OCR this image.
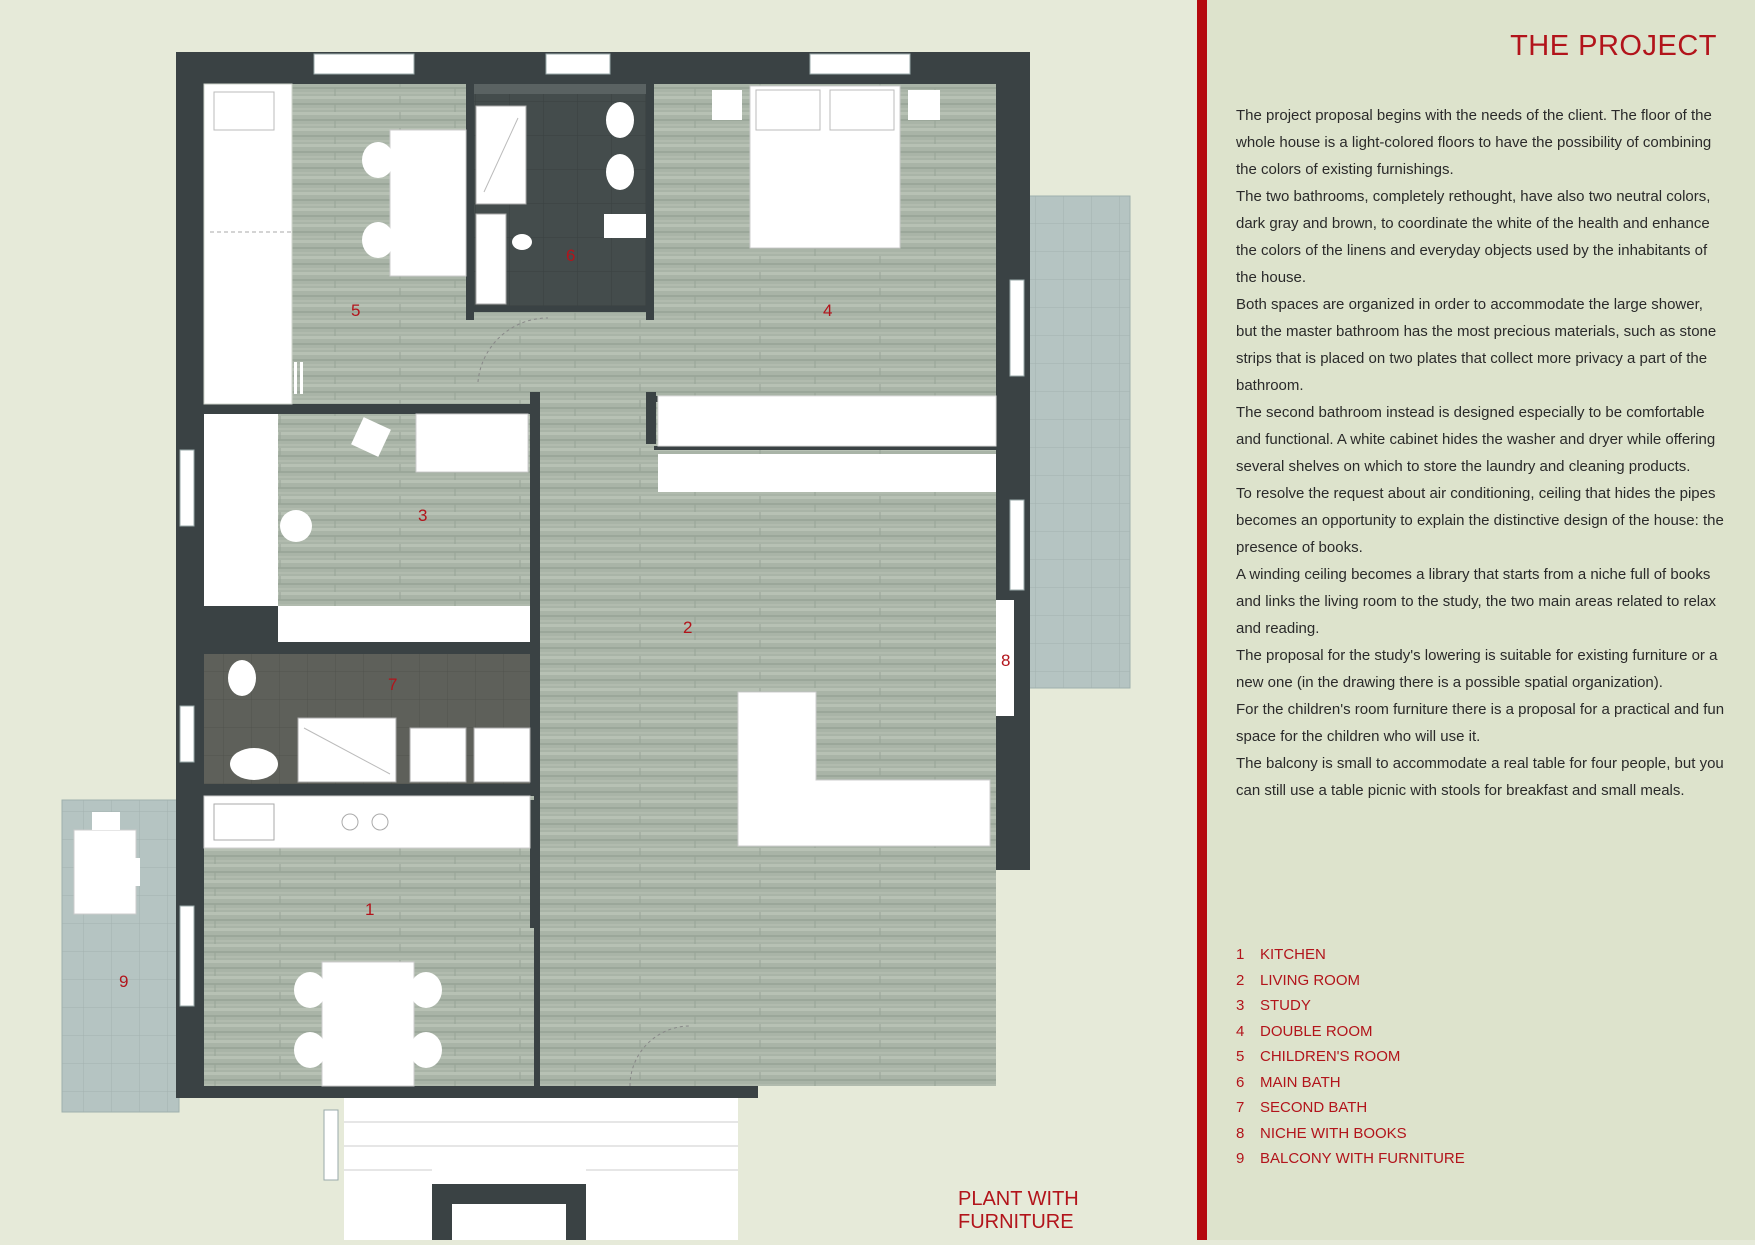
5
6
4
3
2
7
8
1
9
PLANT WITH FURNITURE
THE PROJECT

The project proposal begins with the needs of the client. The floor of the whole house is a light-colored floors to have the possibility of combining the colors of existing furnishings.

The two bathrooms, completely rethought, have also two neutral colors, dark gray and brown, to coordinate the white of the health and enhance the colors of the linens and everyday objects used by the inhabitants of the house.

Both spaces are organized in order to accommodate the large shower, but the master bathroom has the most precious materials, such as stone strips that is placed on two plates that collect more privacy a part of the bathroom.

The second bathroom instead is designed especially to be comfortable and functional. A white cabinet hides the washer and dryer while offering several shelves on which to store the laundry and cleaning products.

To resolve the request about air conditioning, ceiling that hides the pipes becomes an opportunity to explain the distinctive design of the house: the presence of books.

A winding ceiling becomes a library that starts from a niche full of books and links the living room to the study, the two main areas related to relax and reading.

The proposal for the study's lowering is suitable for existing furniture or a new one (in the drawing there is a possible spatial organization).

For the children's room furniture there is a proposal for a practical and fun space for the children who will use it.

The balcony is small to accommodate a real table for four people, but you can still use a table picnic with stools for breakfast and small meals.

1	KITCHEN
2	LIVING ROOM
3	STUDY
4	DOUBLE ROOM
5	CHILDREN'S ROOM
6	MAIN BATH
7	SECOND BATH
8	NICHE WITH BOOKS
9	BALCONY WITH FURNITURE
